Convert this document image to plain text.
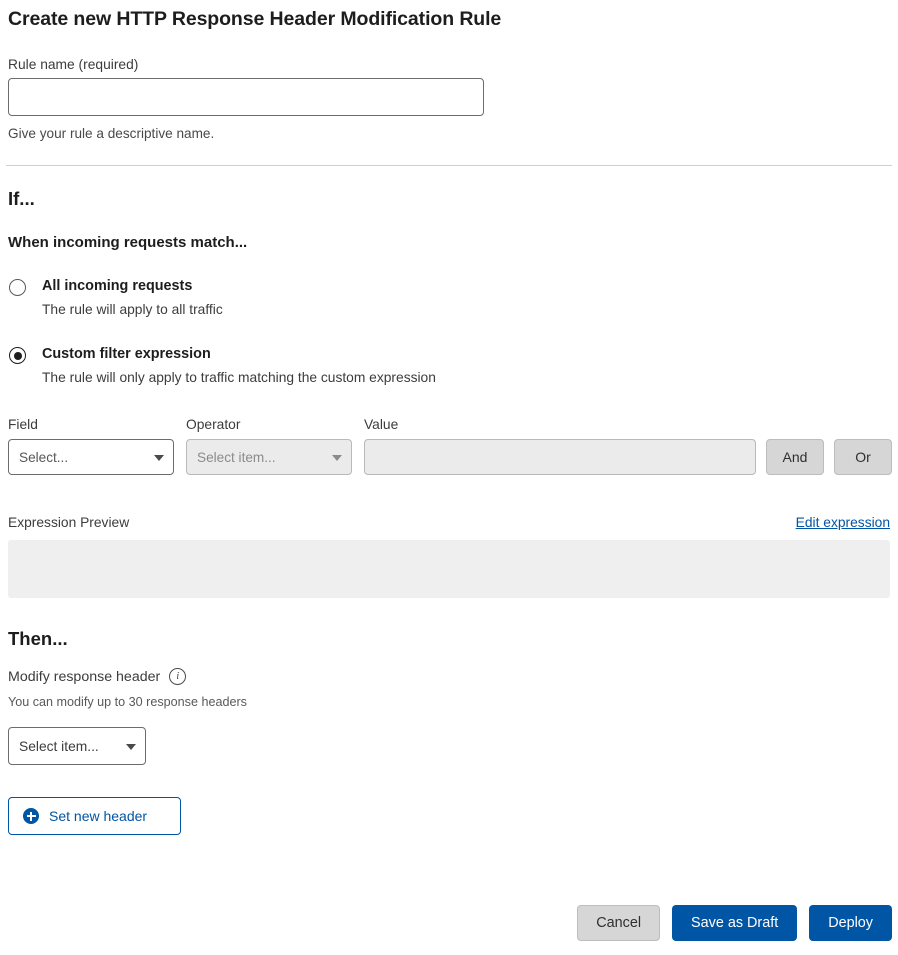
Create new HTTP Response Header Modification Rule
Rule name (required)
Give your rule a descriptive name.
If...
When incoming requests match...
All incoming requests
The rule will apply to all traffic
Custom filter expression
The rule will only apply to traffic matching the custom expression
Field
Select...
Operator
Select item...
Value
And	Or
Expression Preview	Edit expression
Then...
Modify response header	i
You can modify up to 30 response headers
Select item...
Set new header
Cancel	Save as Draft	Deploy
